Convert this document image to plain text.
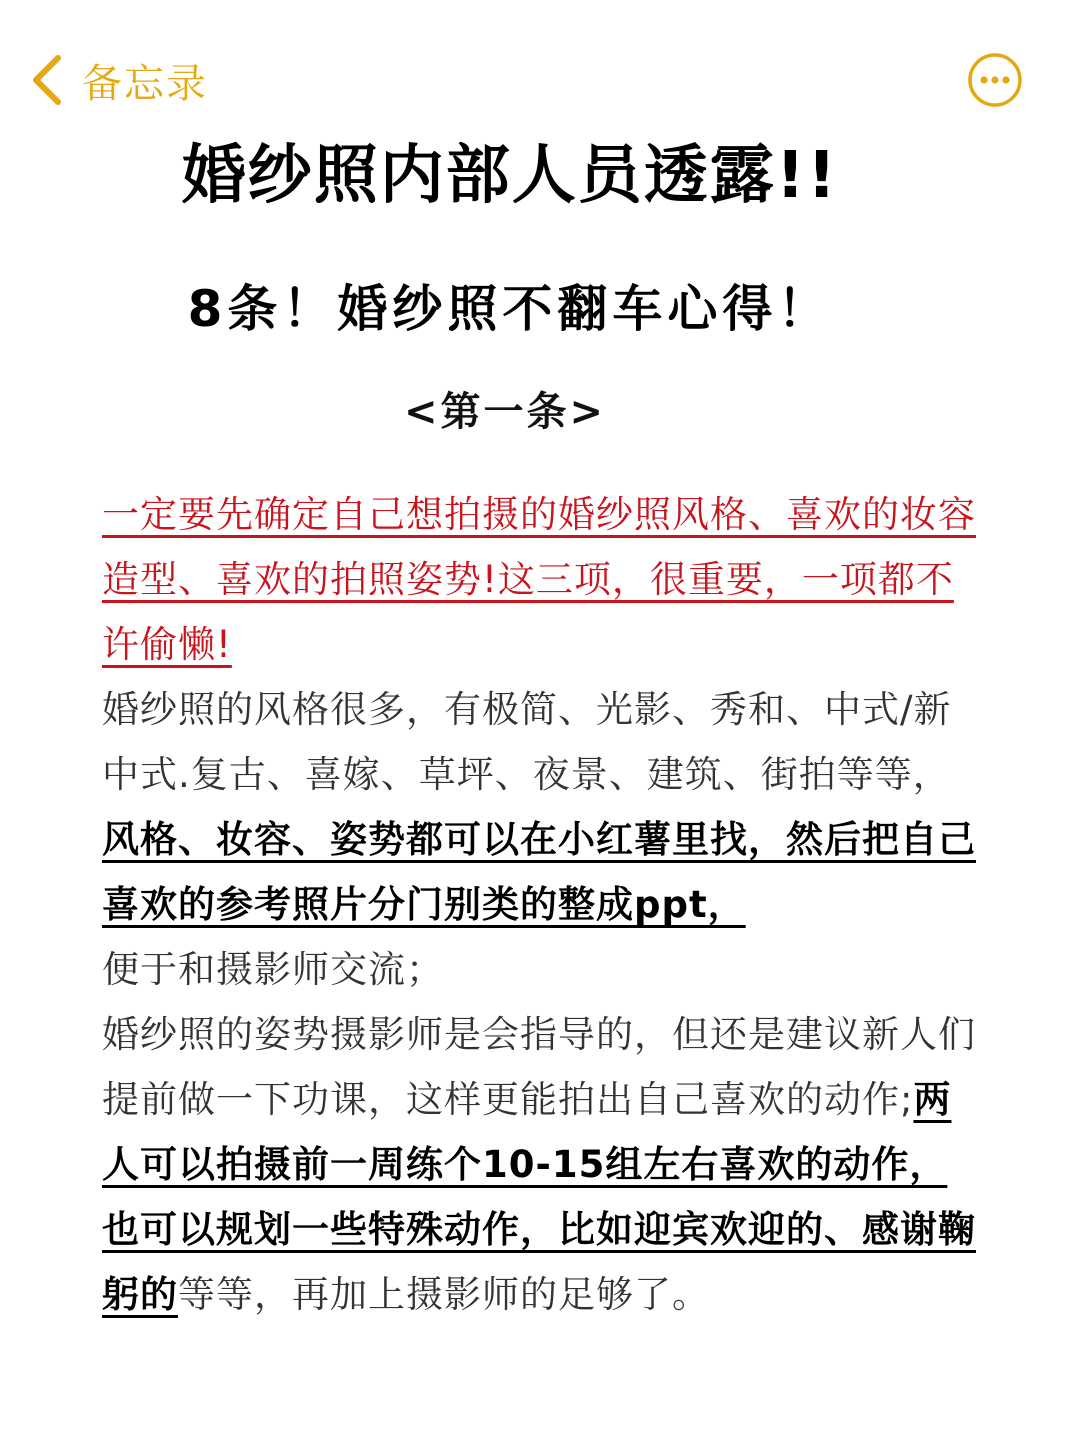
备忘录
婚纱照内部人员透露!!
8条！婚纱照不翻车心得！
<第一条>

一定要先确定自己想拍摄的婚纱照风格、喜欢的妆容造型、喜欢的拍照姿势!这三项，很重要，一项都不许偷懒!

婚纱照的风格很多，有极简、光影、秀和、中式/新中式.复古、喜嫁、草坪、夜景、建筑、街拍等等，风格、妆容、姿势都可以在小红薯里找，然后把自己喜欢的参考照片分门别类的整成ppt，
便于和摄影师交流；

婚纱照的姿势摄影师是会指导的，但还是建议新人们提前做一下功课，这样更能拍出自己喜欢的动作;两人可以拍摄前一周练个10-15组左右喜欢的动作，也可以规划一些特殊动作，比如迎宾欢迎的、感谢鞠躬的等等，再加上摄影师的足够了。
